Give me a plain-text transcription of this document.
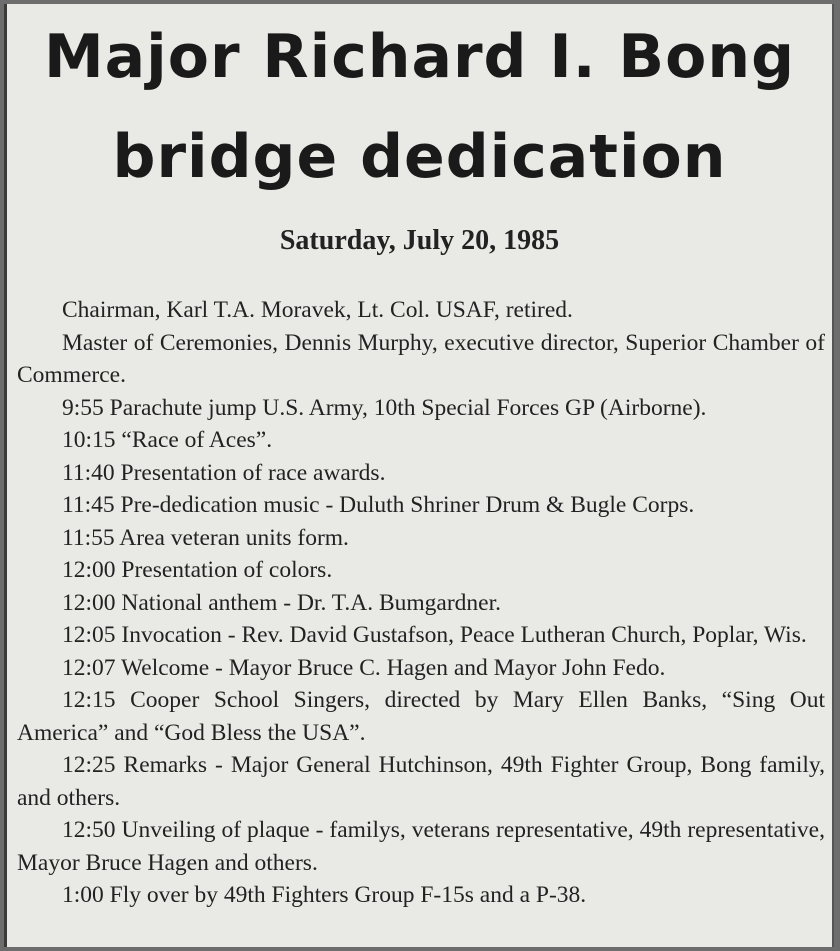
Major Richard I. Bong
bridge dedication
Saturday, July 20, 1985

Chairman, Karl T.A. Moravek, Lt. Col. USAF, retired.

Master of Ceremonies, Dennis Murphy, executive director, Superior Chamber of Commerce.

9:55 Parachute jump U.S. Army, 10th Special Forces GP (Airborne).

10:15 “Race of Aces”.

11:40 Presentation of race awards.

11:45 Pre-dedication music - Duluth Shriner Drum & Bugle Corps.

11:55 Area veteran units form.

12:00 Presentation of colors.

12:00 National anthem - Dr. T.A. Bumgardner.

12:05 Invocation - Rev. David Gustafson, Peace Lutheran Church, Poplar, Wis.

12:07 Welcome - Mayor Bruce C. Hagen and Mayor John Fedo.

12:15 Cooper School Singers, directed by Mary Ellen Banks, “Sing Out America” and “God Bless the USA”.

12:25 Remarks - Major General Hutchinson, 49th Fighter Group, Bong family, and others.

12:50 Unveiling of plaque - familys, veterans representative, 49th representative, Mayor Bruce Hagen and others.

1:00 Fly over by 49th Fighters Group F-15s and a P-38.
